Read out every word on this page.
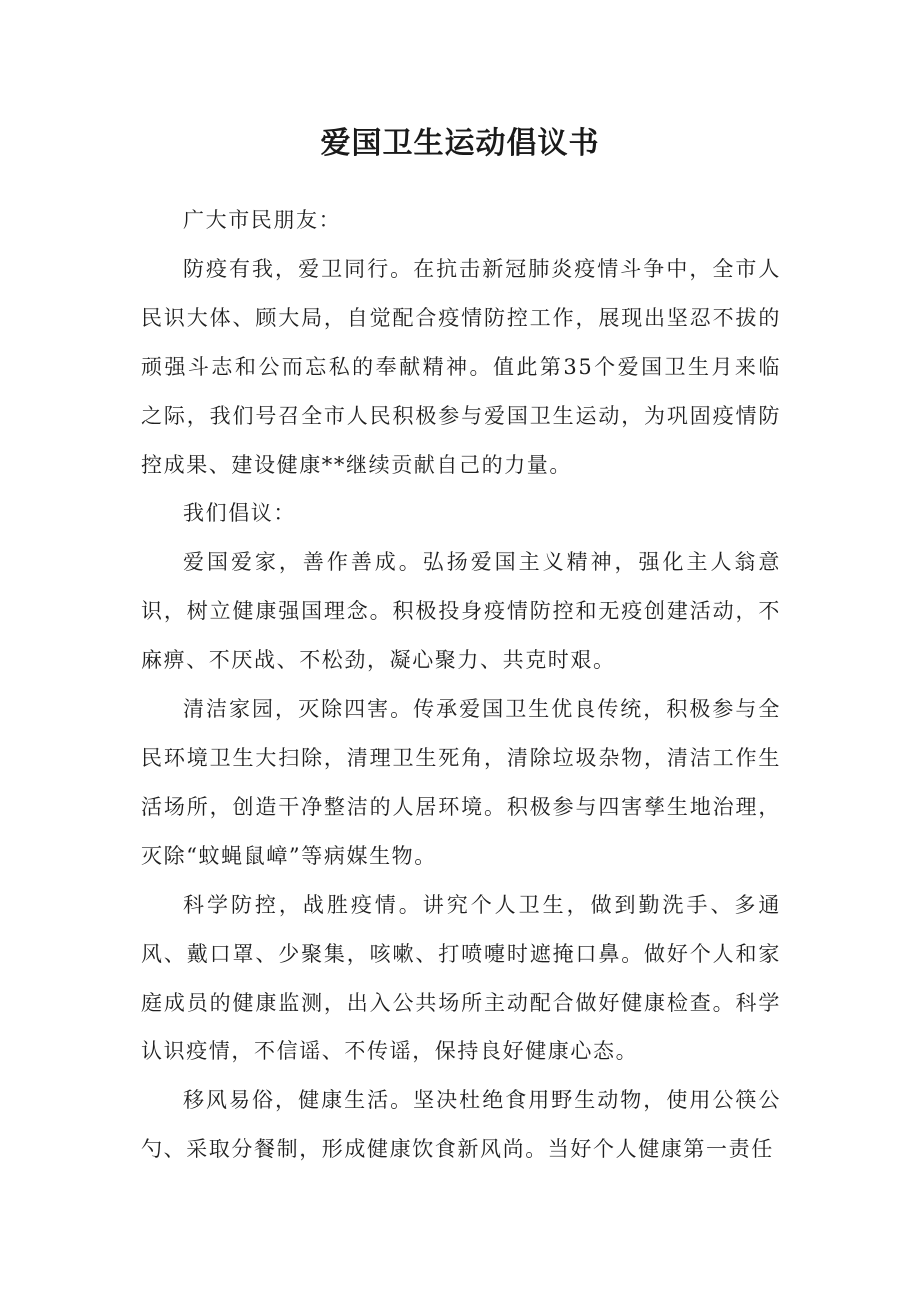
爱国卫生运动倡议书

广大市民朋友：

防疫有我，爱卫同行。在抗击新冠肺炎疫情斗争中，全市人民识大体、顾大局，自觉配合疫情防控工作，展现出坚忍不拔的顽强斗志和公而忘私的奉献精神。值此第35个爱国卫生月来临之际，我们号召全市人民积极参与爱国卫生运动，为巩固疫情防控成果、建设健康**继续贡献自己的力量。

我们倡议：

爱国爱家，善作善成。弘扬爱国主义精神，强化主人翁意识，树立健康强国理念。积极投身疫情防控和无疫创建活动，不麻痹、不厌战、不松劲，凝心聚力、共克时艰。

清洁家园，灭除四害。传承爱国卫生优良传统，积极参与全民环境卫生大扫除，清理卫生死角，清除垃圾杂物，清洁工作生活场所，创造干净整洁的人居环境。积极参与四害孳生地治理，灭除“蚊蝇鼠嶂”等病媒生物。

科学防控，战胜疫情。讲究个人卫生，做到勤洗手、多通风、戴口罩、少聚集，咳嗽、打喷嚏时遮掩口鼻。做好个人和家庭成员的健康监测，出入公共场所主动配合做好健康检查。科学认识疫情，不信谣、不传谣，保持良好健康心态。

移风易俗，健康生活。坚决杜绝食用野生动物，使用公筷公勺、采取分餐制，形成健康饮食新风尚。当好个人健康第一责任
